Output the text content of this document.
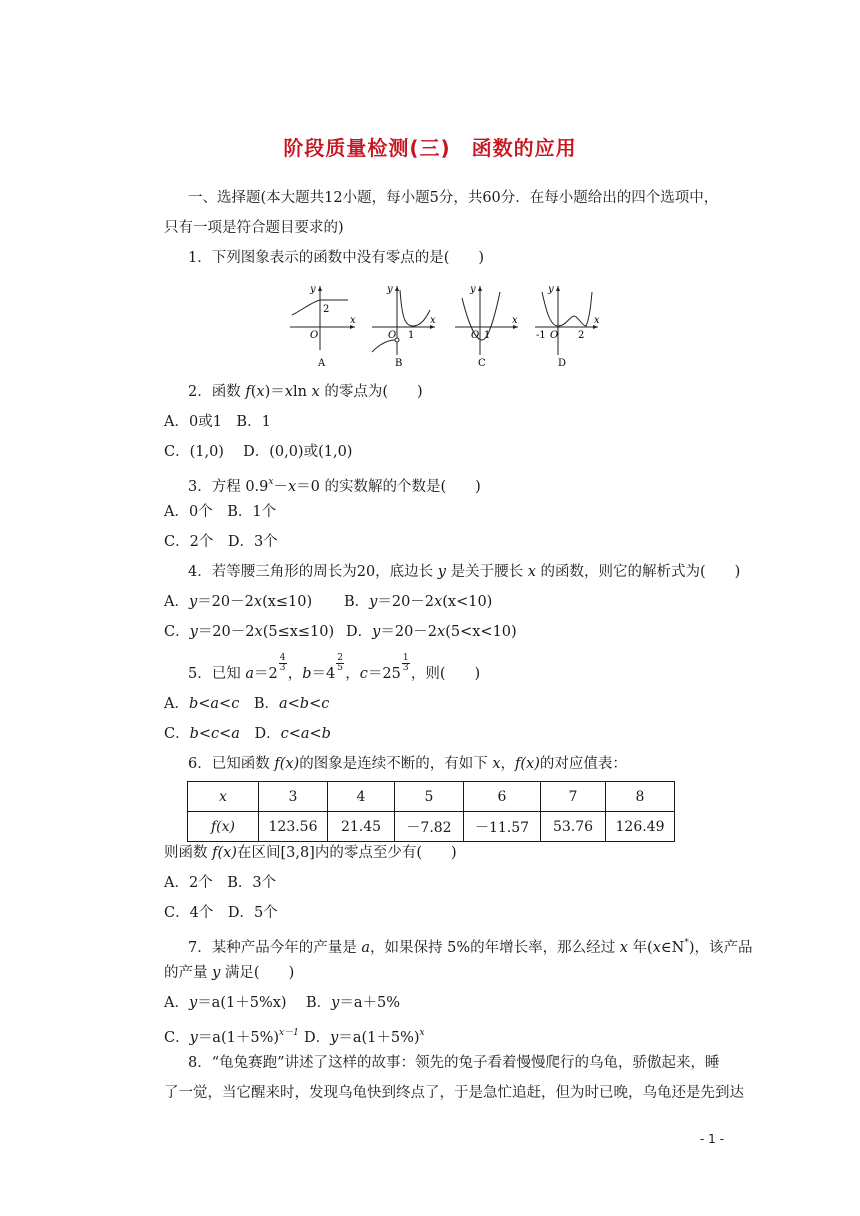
阶段质量检测(三)　函数的应用
一、选择题(本大题共12小题，每小题5分，共60分．在每小题给出的四个选项中，
只有一项是符合题目要求的)
1．下列图象表示的函数中没有零点的是(　　)
y
2
O
x
A
y
O 1
x
B
y
O 1
x
C
y
-1 O 2
x
D
2．函数 f(x)＝xln x 的零点为(　　)
A．0或1　B．1
C．(1,0)　 D．(0,0)或(1,0)
3．方程 $0.9^x-x=0$ 的实数解的个数是(　　)
A．0个　B．1个
C．2个　D．3个
4．若等腰三角形的周长为20，底边长 y 是关于腰长 x 的函数，则它的解析式为(　　)
A．y＝20－2x(x≤10) B．y＝20－2x(x<10)
C．y＝20－2x(5≤x≤10) D．y＝20－2x(5<x<10)
5．已知 $a=2 \frac{4}{3}$ ，$b=4 \frac{2}{5}$ ，$c=25 \frac{1}{3}$ ，则(　　)
A．b<a<c　 B．a<b<c
C．b<c<a　 D．c<a<b
6．已知函数 f(x)的图象是连续不断的，有如下 x，f(x)的对应值表：
x	3	4	5	6	7	8
f(x)	123.56	21.45	－7.82	－11.57	53.76	126.49
则函数 f(x)在区间[3,8]内的零点至少有(　　)
A．2个　B．3个
C．4个　D．5个
7．某种产品今年的产量是 a，如果保持 5%的年增长率，那么经过 x 年(x∈N*)，该产品
的产量 y 满足(　　)
A．y＝a(1＋5%x) B．y＝a＋5%
C．$y=a(1+5\%)^{x-1}$ D．$y=a(1+5\%)^x$
8．“龟兔赛跑”讲述了这样的故事：领先的兔子看着慢慢爬行的乌龟，骄傲起来，睡
了一觉，当它醒来时，发现乌龟快到终点了，于是急忙追赶，但为时已晚，乌龟还是先到达
- 1 -
